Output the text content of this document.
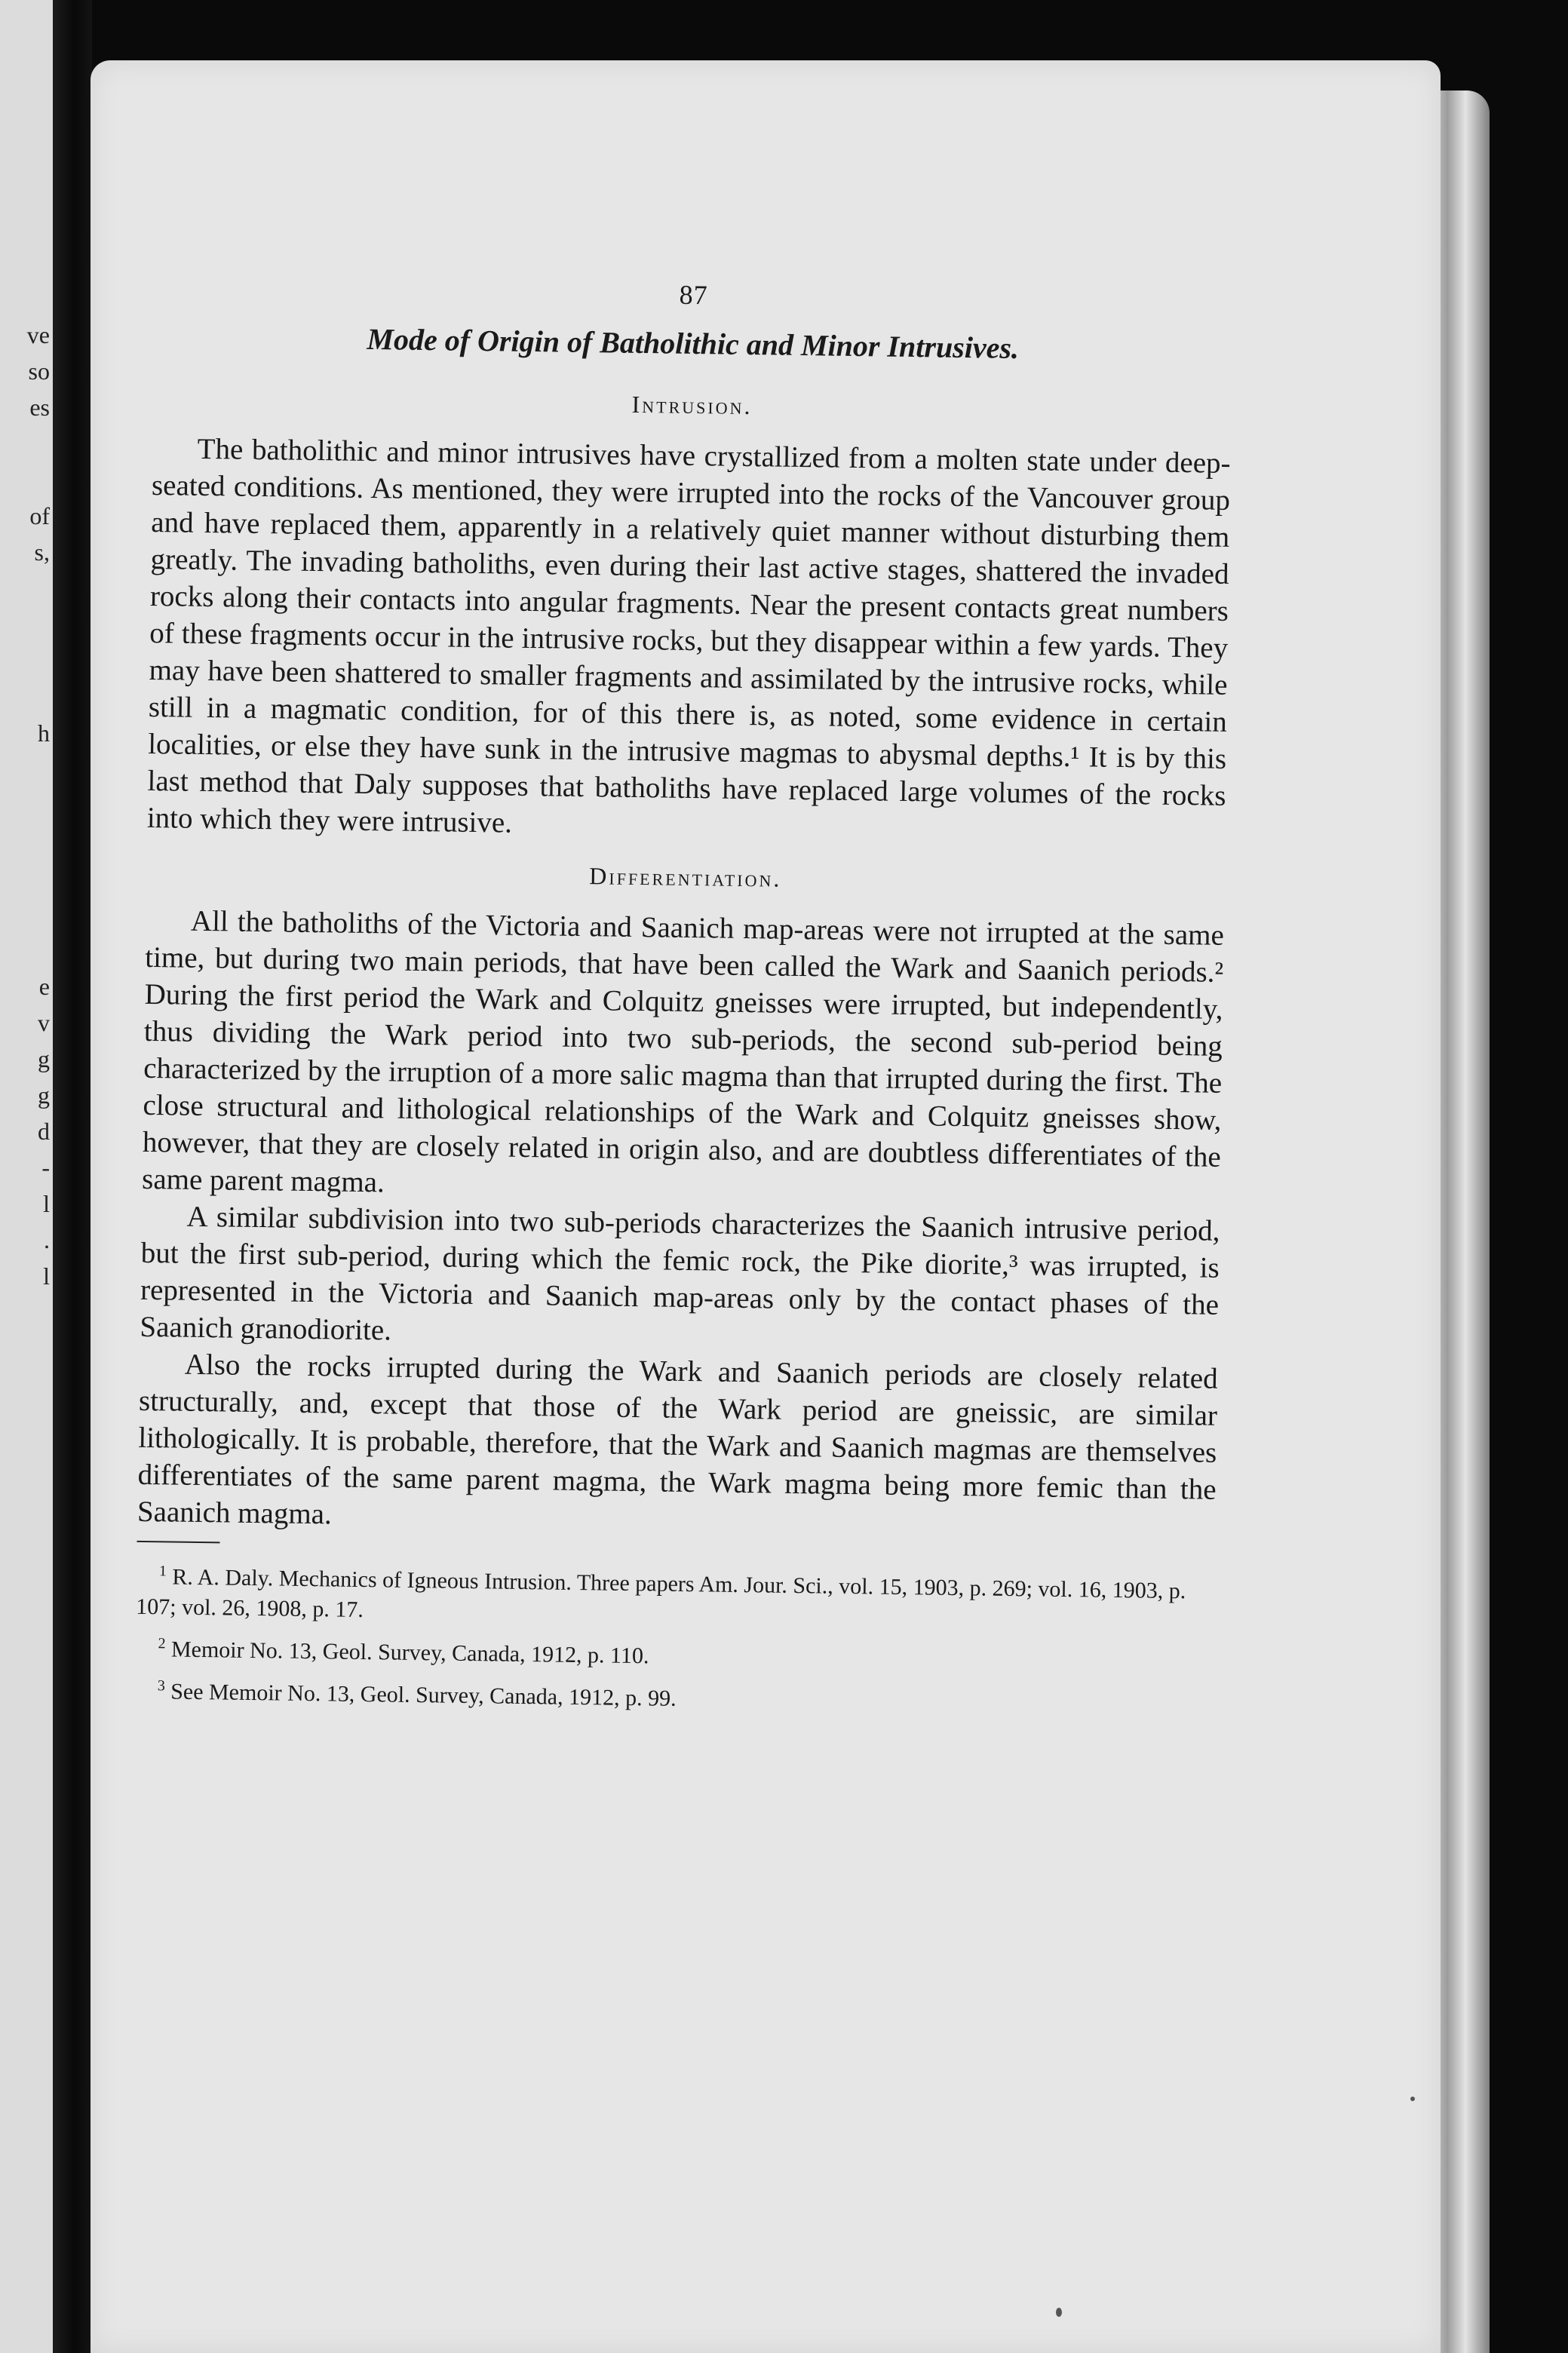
ve
so
es
of
s,
h
e
v
g
g
d
-
l
.
l
87
Mode of Origin of Batholithic and Minor Intrusives.
Intrusion.

The batholithic and minor intrusives have crystallized from a molten state under deep-seated conditions. As mentioned, they were irrupted into the rocks of the Vancouver group and have replaced them, apparently in a relatively quiet manner without disturbing them greatly. The invading batholiths, even during their last active stages, shattered the invaded rocks along their contacts into angular fragments. Near the present contacts great numbers of these fragments occur in the intrusive rocks, but they disappear within a few yards. They may have been shattered to smaller fragments and assimilated by the intrusive rocks, while still in a magmatic condition, for of this there is, as noted, some evidence in certain localities, or else they have sunk in the intrusive magmas to abysmal depths.¹ It is by this last method that Daly supposes that batholiths have replaced large volumes of the rocks into which they were intrusive.

Differentiation.

All the batholiths of the Victoria and Saanich map-areas were not irrupted at the same time, but during two main periods, that have been called the Wark and Saanich periods.² During the first period the Wark and Colquitz gneisses were irrupted, but independently, thus dividing the Wark period into two sub-periods, the second sub-period being characterized by the irruption of a more salic magma than that irrupted during the first. The close structural and lithological relationships of the Wark and Colquitz gneisses show, however, that they are closely related in origin also, and are doubtless differentiates of the same parent magma.

A similar subdivision into two sub-periods characterizes the Saanich intrusive period, but the first sub-period, during which the femic rock, the Pike diorite,³ was irrupted, is represented in the Victoria and Saanich map-areas only by the contact phases of the Saanich granodiorite.

Also the rocks irrupted during the Wark and Saanich periods are closely related structurally, and, except that those of the Wark period are gneissic, are similar lithologically. It is probable, therefore, that the Wark and Saanich magmas are themselves differentiates of the same parent magma, the Wark magma being more femic than the Saanich magma.

$^1$ R. A. Daly. Mechanics of Igneous Intrusion. Three papers Am. Jour. Sci., vol. 15, 1903, p. 269; vol. 16, 1903, p. 107; vol. 26, 1908, p. 17.

$^2$ Memoir No. 13, Geol. Survey, Canada, 1912, p. 110.

$^3$ See Memoir No. 13, Geol. Survey, Canada, 1912, p. 99.
